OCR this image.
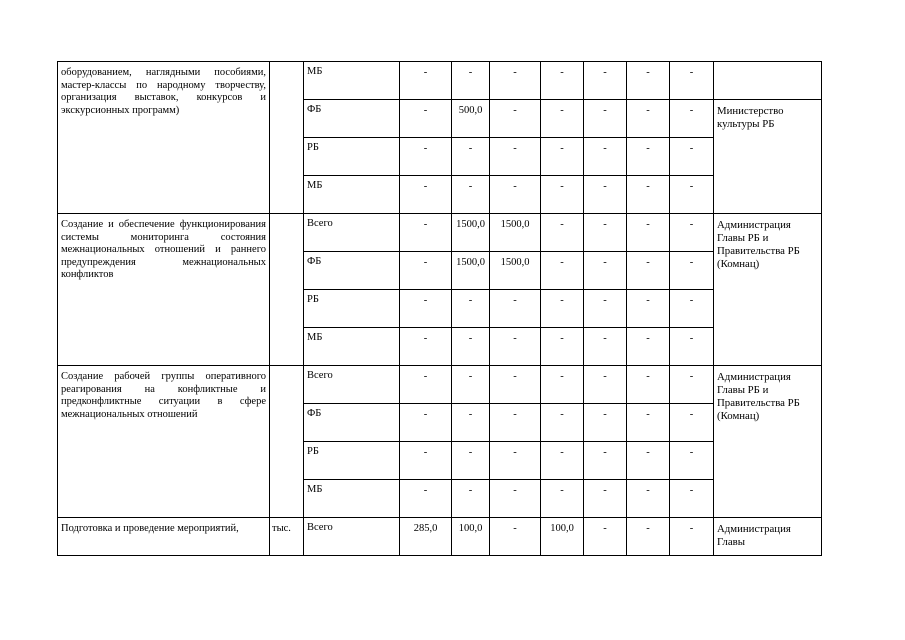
оборудованием, наглядными пособиями, мастер-классы по народному творчеству, организация выставок, конкурсов и экскурсионных программ)		МБ	-	-	-	-	-	-	-	
		ФБ	-	500,0	-	-	-	-	-	Министерство культуры РБ
		РБ	-	-	-	-	-	-	-	
		МБ	-	-	-	-	-	-	-	
Создание и обеспечение функционирования системы мониторинга состояния межнациональных отношений и раннего предупреждения межнациональных конфликтов		Всего	-	1500,0	1500,0	-	-	-	-	Администрация Главы РБ и Правительства РБ (Комнац)
		ФБ	-	1500,0	1500,0	-	-	-	-	
		РБ	-	-	-	-	-	-	-	
		МБ	-	-	-	-	-	-	-	
Создание рабочей группы оперативного реагирования на конфликтные и предконфликтные ситуации в сфере межнациональных отношений		Всего	-	-	-	-	-	-	-	Администрация Главы РБ и Правительства РБ (Комнац)
		ФБ	-	-	-	-	-	-	-	
		РБ	-	-	-	-	-	-	-	
		МБ	-	-	-	-	-	-	-	
Подготовка и проведение мероприятий,	тыс.	Всего	285,0	100,0	-	100,0	-	-	-	Администрация Главы
